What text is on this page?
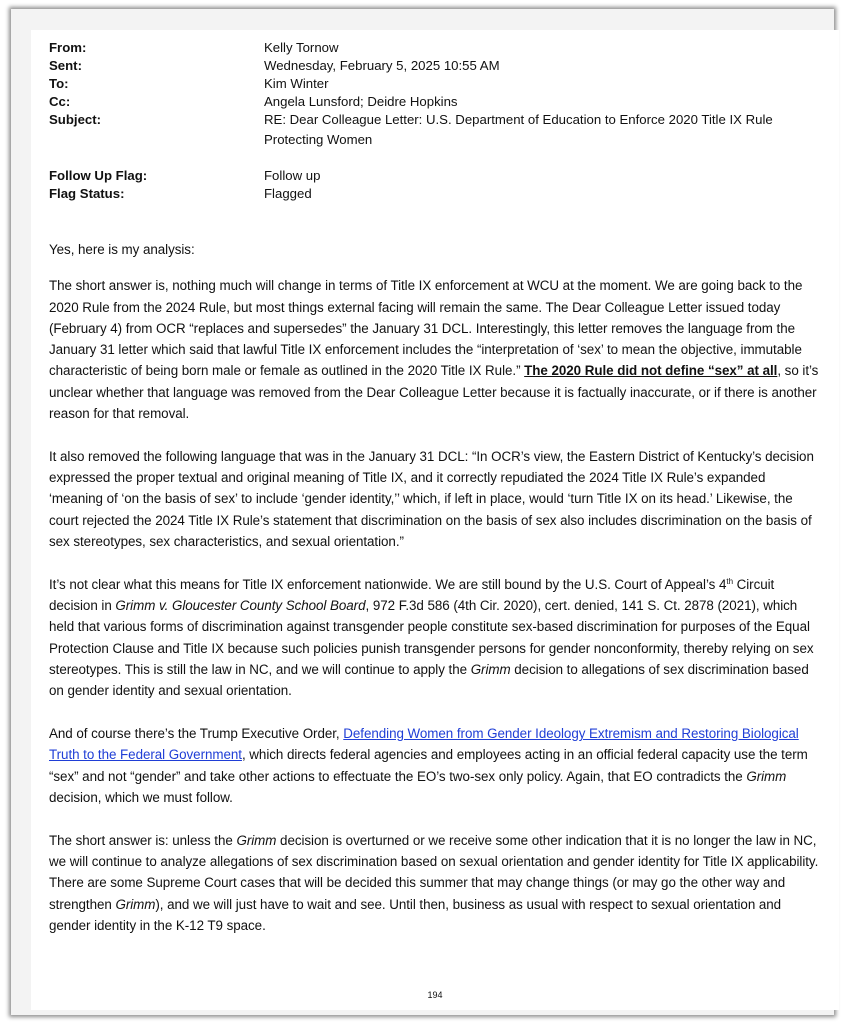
From:	Kelly Tornow
Sent:	Wednesday, February 5, 2025 10:55 AM
To:	Kim Winter
Cc:	Angela Lunsford; Deidre Hopkins
Subject:	RE: Dear Colleague Letter: U.S. Department of Education to Enforce 2020 Title IX Rule Protecting Women
Follow Up Flag:	Follow up
Flag Status:	Flagged

Yes, here is my analysis:

The short answer is, nothing much will change in terms of Title IX enforcement at WCU at the moment. We are going back to the 2020 Rule from the 2024 Rule, but most things external facing will remain the same. The Dear Colleague Letter issued today (February 4) from OCR “replaces and supersedes” the January 31 DCL. Interestingly, this letter removes the language from the January 31 letter which said that lawful Title IX enforcement includes the “interpretation of ‘sex’ to mean the objective, immutable characteristic of being born male or female as outlined in the 2020 Title IX Rule.” The 2020 Rule did not define “sex” at all, so it’s unclear whether that language was removed from the Dear Colleague Letter because it is factually inaccurate, or if there is another reason for that removal.

It also removed the following language that was in the January 31 DCL: “In OCR’s view, the Eastern District of Kentucky’s decision expressed the proper textual and original meaning of Title IX, and it correctly repudiated the 2024 Title IX Rule’s expanded ‘meaning of ‘on the basis of sex’ to include ‘gender identity,’’ which, if left in place, would ‘turn Title IX on its head.’ Likewise, the court rejected the 2024 Title IX Rule’s statement that discrimination on the basis of sex also includes discrimination on the basis of sex stereotypes, sex characteristics, and sexual orientation.”

It’s not clear what this means for Title IX enforcement nationwide. We are still bound by the U.S. Court of Appeal’s 4th Circuit decision in Grimm v. Gloucester County School Board, 972 F.3d 586 (4th Cir. 2020), cert. denied, 141 S. Ct. 2878 (2021), which held that various forms of discrimination against transgender people constitute sex-based discrimination for purposes of the Equal Protection Clause and Title IX because such policies punish transgender persons for gender nonconformity, thereby relying on sex stereotypes. This is still the law in NC, and we will continue to apply the Grimm decision to allegations of sex discrimination based on gender identity and sexual orientation.

And of course there’s the Trump Executive Order, Defending Women from Gender Ideology Extremism and Restoring Biological Truth to the Federal Government, which directs federal agencies and employees acting in an official federal capacity use the term “sex” and not “gender” and take other actions to effectuate the EO’s two-sex only policy. Again, that EO contradicts the Grimm decision, which we must follow.

The short answer is: unless the Grimm decision is overturned or we receive some other indication that it is no longer the law in NC, we will continue to analyze allegations of sex discrimination based on sexual orientation and gender identity for Title IX applicability. There are some Supreme Court cases that will be decided this summer that may change things (or may go the other way and strengthen Grimm), and we will just have to wait and see. Until then, business as usual with respect to sexual orientation and gender identity in the K-12 T9 space.

194
